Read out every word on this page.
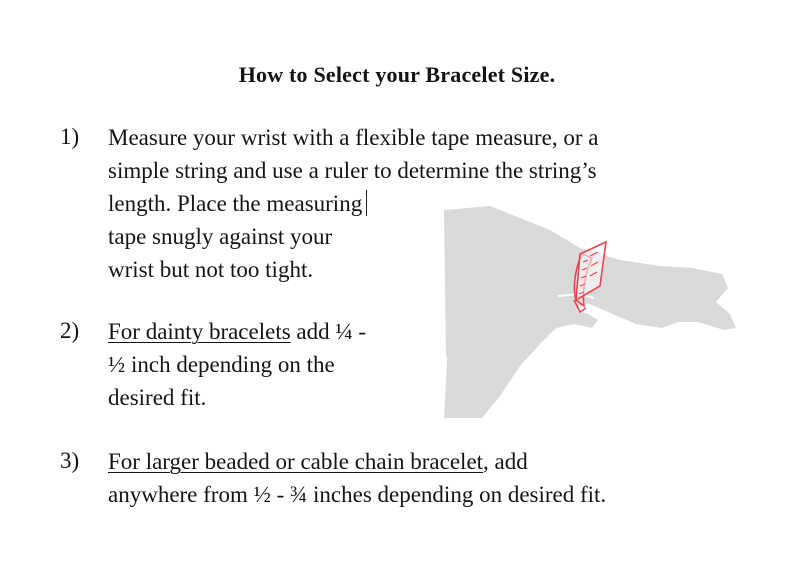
How to Select your Bracelet Size.
1) Measure your wrist with a flexible tape measure, or a
simple string and use a ruler to determine the string’s
length. Place the measuring
tape snugly against your
wrist but not too tight.
2) For dainty bracelets add ¼ -
½ inch depending on the
desired fit.
3) For larger beaded or cable chain bracelet, add
anywhere from ½ - ¾ inches depending on desired fit.
